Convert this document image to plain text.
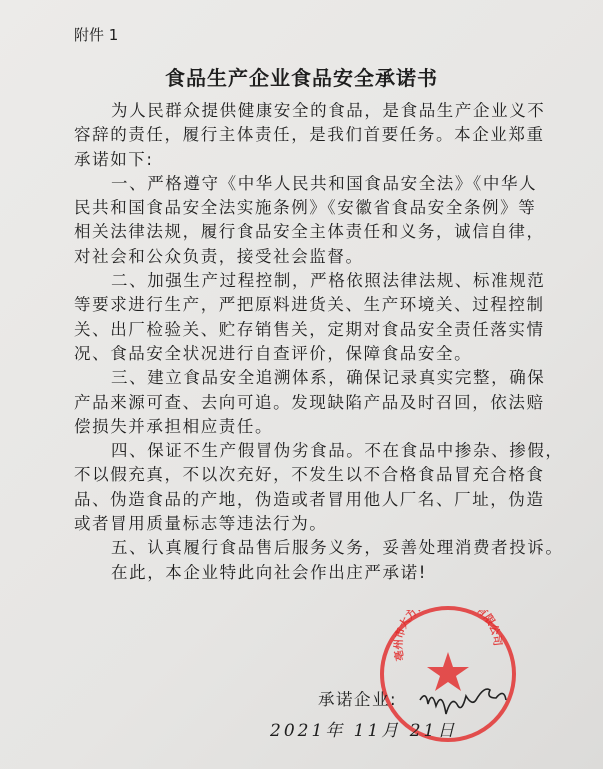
附件 1
食品生产企业食品安全承诺书
为人民群众提供健康安全的食品，是食品生产企业义不
容辞的责任，履行主体责任，是我们首要任务。本企业郑重
承诺如下:
一、严格遵守《中华人民共和国食品安全法》《中华人
民共和国食品安全法实施条例》《安徽省食品安全条例》等
相关法律法规，履行食品安全主体责任和义务，诚信自律，
对社会和公众负责，接受社会监督。
二、加强生产过程控制，严格依照法律法规、标准规范
等要求进行生产，严把原料进货关、生产环境关、过程控制
关、出厂检验关、贮存销售关，定期对食品安全责任落实情
况、食品安全状况进行自查评价，保障食品安全。
三、建立食品安全追溯体系，确保记录真实完整，确保
产品来源可查、去向可追。发现缺陷产品及时召回，依法赔
偿损失并承担相应责任。
四、保证不生产假冒伪劣食品。不在食品中掺杂、掺假，
不以假充真，不以次充好，不发生以不合格食品冒充合格食
品、伪造食品的产地，伪造或者冒用他人厂名、厂址，伪造
或者冒用质量标志等违法行为。
五、认真履行食品售后服务义务，妥善处理消费者投诉。
在此，本企业特此向社会作出庄严承诺!
亳州市大方 有限公司
承诺企业:
2021年 11月 21日
